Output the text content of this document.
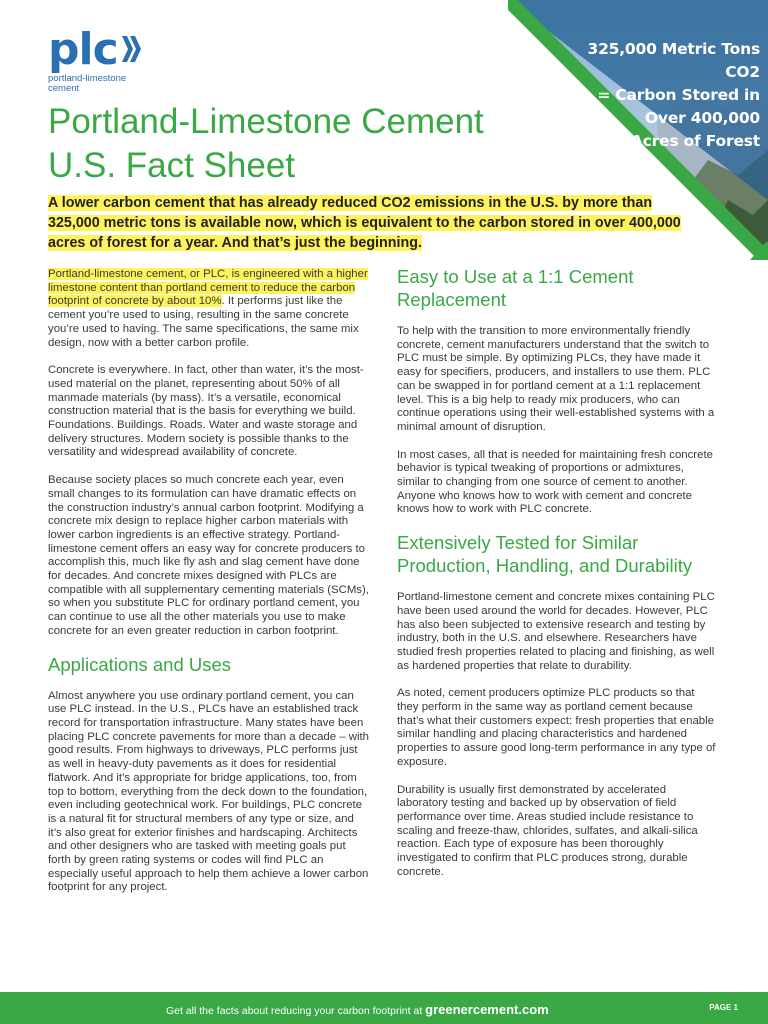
325,000 Metric Tons CO2
= Carbon Stored in
Over 400,000
Acres of Forest
plc
portland-limestone
cement
Portland-Limestone Cement
U.S. Fact Sheet
A lower carbon cement that has already reduced CO2 emissions in the U.S. by more than 325,000 metric tons is available now, which is equivalent to the carbon stored in over 400,000 acres of forest for a year. And that’s just the beginning.

Portland-limestone cement, or PLC, is engineered with a higher limestone content than portland cement to reduce the carbon footprint of concrete by about 10%. It performs just like the cement you’re used to using, resulting in the same concrete you’re used to having. The same specifications, the same mix design, now with a better carbon profile.

Concrete is everywhere. In fact, other than water, it’s the most-used material on the planet, representing about 50% of all manmade materials (by mass). It’s a versatile, economical construction material that is the basis for everything we build. Foundations. Buildings. Roads. Water and waste storage and delivery structures. Modern society is possible thanks to the versatility and widespread availability of concrete.

Because society places so much concrete each year, even small changes to its formulation can have dramatic effects on the construction industry’s annual carbon footprint. Modifying a concrete mix design to replace higher carbon materials with lower carbon ingredients is an effective strategy. Portland-limestone cement offers an easy way for concrete producers to accomplish this, much like fly ash and slag cement have done for decades. And concrete mixes designed with PLCs are compatible with all supplementary cementing materials (SCMs), so when you substitute PLC for ordinary portland cement, you can continue to use all the other materials you use to make concrete for an even greater reduction in carbon footprint.

Applications and Uses

Almost anywhere you use ordinary portland cement, you can use PLC instead. In the U.S., PLCs have an established track record for transportation infrastructure. Many states have been placing PLC concrete pavements for more than a decade – with good results. From highways to driveways, PLC performs just as well in heavy-duty pavements as it does for residential flatwork. And it’s appropriate for bridge applications, too, from top to bottom, everything from the deck down to the foundation, even including geotechnical work. For buildings, PLC concrete is a natural fit for structural members of any type or size, and it’s also great for exterior finishes and hardscaping. Architects and other designers who are tasked with meeting goals put forth by green rating systems or codes will find PLC an especially useful approach to help them achieve a lower carbon footprint for any project.

Easy to Use at a 1:1 Cement Replacement

To help with the transition to more environmentally friendly concrete, cement manufacturers understand that the switch to PLC must be simple. By optimizing PLCs, they have made it easy for specifiers, producers, and installers to use them. PLC can be swapped in for portland cement at a 1:1 replacement level. This is a big help to ready mix producers, who can continue operations using their well-established systems with a minimal amount of disruption.

In most cases, all that is needed for maintaining fresh concrete behavior is typical tweaking of proportions or admixtures, similar to changing from one source of cement to another. Anyone who knows how to work with cement and concrete knows how to work with PLC concrete.

Extensively Tested for Similar Production, Handling, and Durability

Portland-limestone cement and concrete mixes containing PLC have been used around the world for decades. However, PLC has also been subjected to extensive research and testing by industry, both in the U.S. and elsewhere. Researchers have studied fresh properties related to placing and finishing, as well as hardened properties that relate to durability.

As noted, cement producers optimize PLC products so that they perform in the same way as portland cement because that’s what their customers expect: fresh properties that enable similar handling and placing characteristics and hardened properties to assure good long-term performance in any type of exposure.

Durability is usually first demonstrated by accelerated laboratory testing and backed up by observation of field performance over time. Areas studied include resistance to scaling and freeze-thaw, chlorides, sulfates, and alkali-silica reaction. Each type of exposure has been thoroughly investigated to confirm that PLC produces strong, durable concrete.

Get all the facts about reducing your carbon footprint at greenercement.com	PAGE 1
